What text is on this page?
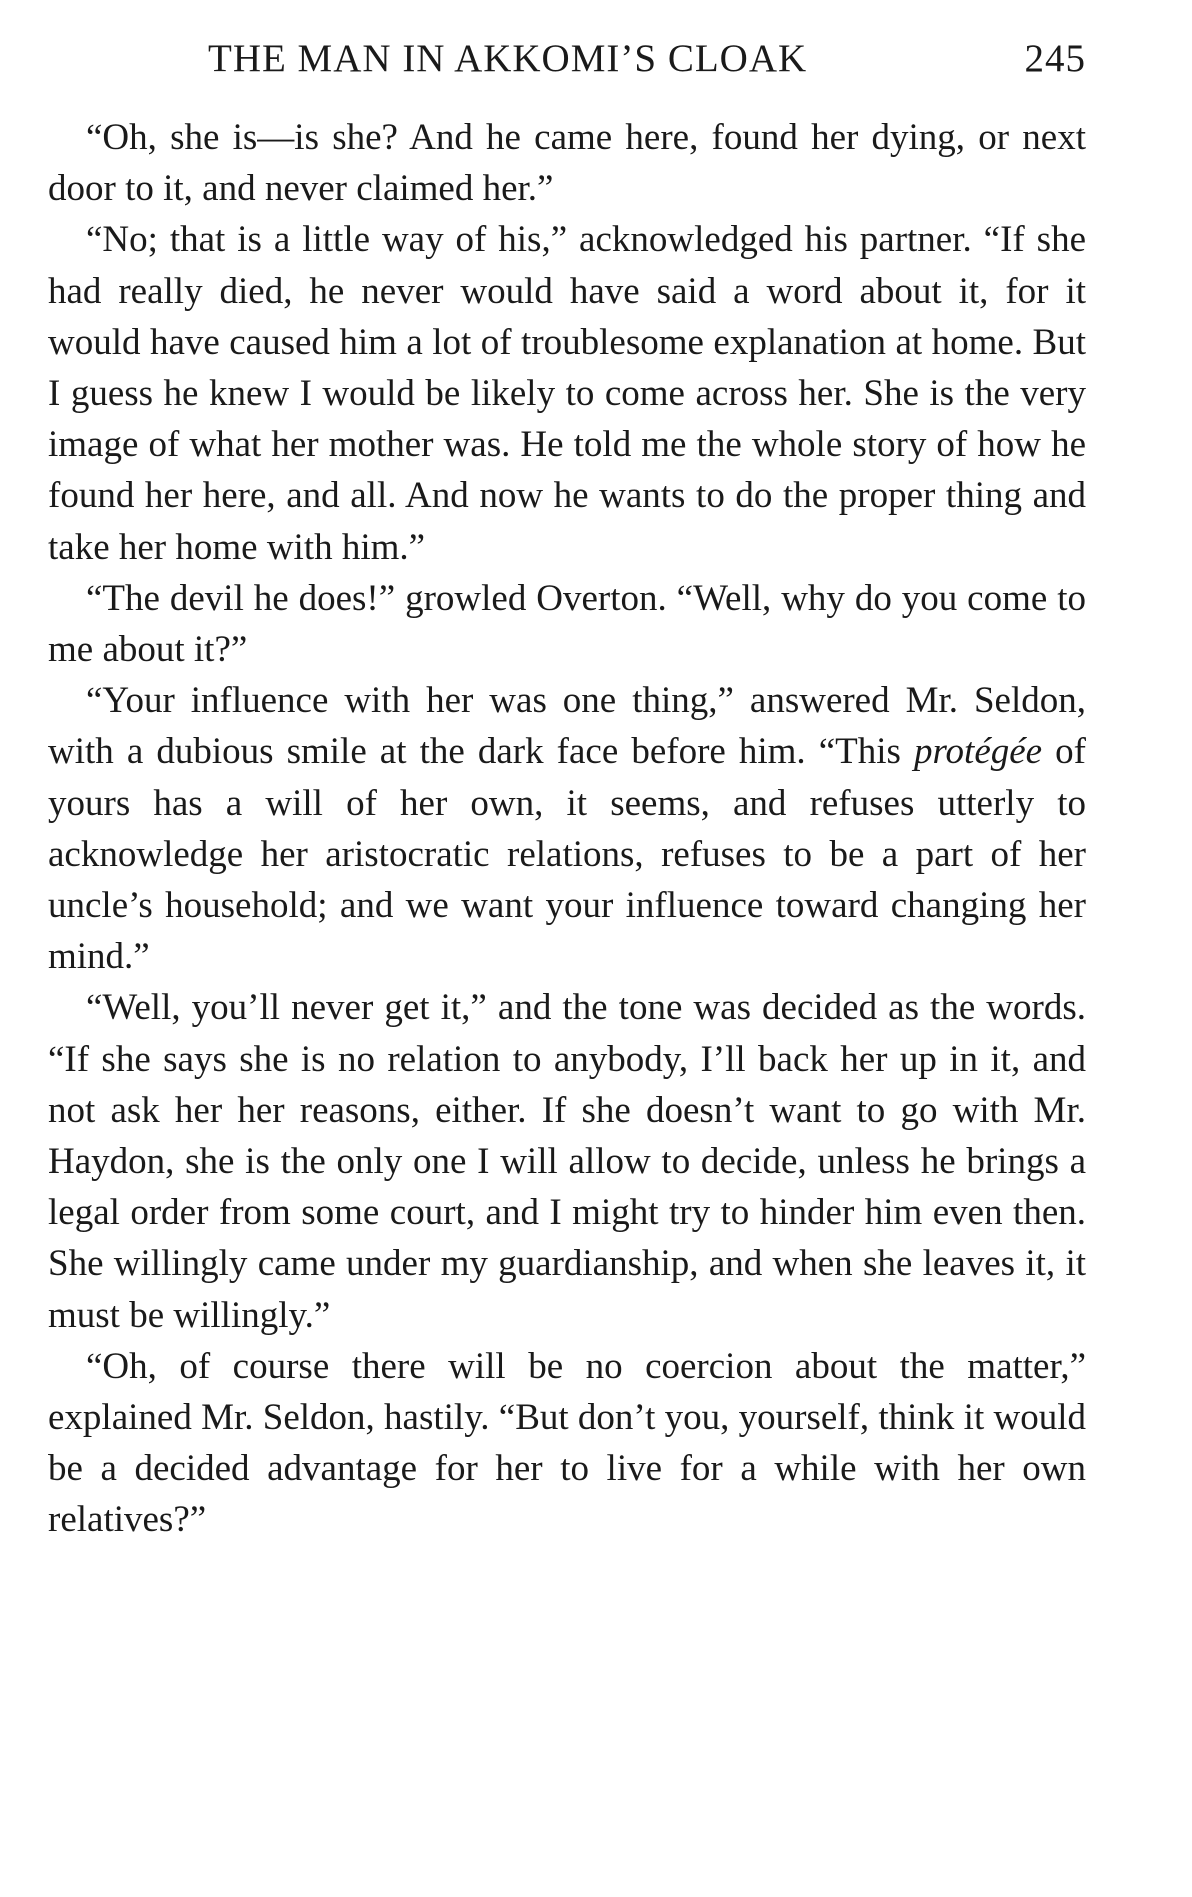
THE MAN IN AKKOMI’S CLOAK	245

“Oh, she is—is she? And he came here, found her dying, or next door to it, and never claimed her.”

“No; that is a little way of his,” acknowledged his partner. “If she had really died, he never would have said a word about it, for it would have caused him a lot of troublesome explanation at home. But I guess he knew I would be likely to come across her. She is the very image of what her mother was. He told me the whole story of how he found her here, and all. And now he wants to do the proper thing and take her home with him.”

“The devil he does!” growled Overton. “Well, why do you come to me about it?”

“Your influence with her was one thing,” answered Mr. Seldon, with a dubious smile at the dark face before him. “This protégée of yours has a will of her own, it seems, and refuses utterly to acknowledge her aristocratic relations, refuses to be a part of her uncle’s household; and we want your influence toward changing her mind.”

“Well, you’ll never get it,” and the tone was decided as the words. “If she says she is no relation to anybody, I’ll back her up in it, and not ask her her reasons, either. If she doesn’t want to go with Mr. Haydon, she is the only one I will allow to decide, unless he brings a legal order from some court, and I might try to hinder him even then. She willingly came under my guardianship, and when she leaves it, it must be willingly.”

“Oh, of course there will be no coercion about the matter,” explained Mr. Seldon, hastily. “But don’t you, yourself, think it would be a decided advantage for her to live for a while with her own relatives?”
